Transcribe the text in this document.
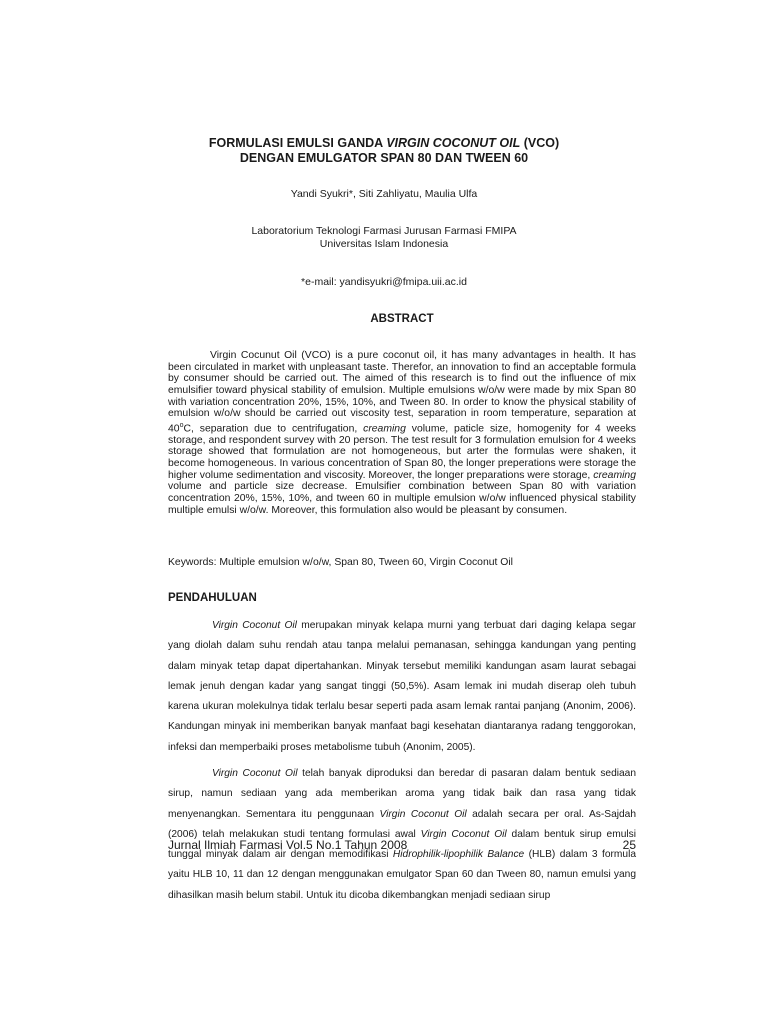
FORMULASI EMULSI GANDA VIRGIN COCONUT OIL (VCO)
DENGAN EMULGATOR SPAN 80 DAN TWEEN 60
Yandi Syukri*, Siti Zahliyatu, Maulia Ulfa
Laboratorium Teknologi Farmasi Jurusan Farmasi FMIPA
Universitas Islam Indonesia
*e-mail: yandisyukri@fmipa.uii.ac.id
ABSTRACT

Virgin Cocunut Oil (VCO) is a pure coconut oil, it has many advantages in health. It has been circulated in market with unpleasant taste. Therefor, an innovation to find an acceptable formula by consumer should be carried out. The aimed of this research is to find out the influence of mix emulsifier toward physical stability of emulsion. Multiple emulsions w/o/w were made by mix Span 80 with variation concentration 20%, 15%, 10%, and Tween 80. In order to know the physical stability of emulsion w/o/w should be carried out viscosity test, separation in room temperature, separation at 40$^o$C, separation due to centrifugation, creaming volume, paticle size, homogenity for 4 weeks storage, and respondent survey with 20 person. The test result for 3 formulation emulsion for 4 weeks storage showed that formulation are not homogeneous, but arter the formulas were shaken, it become homogeneous. In various concentration of Span 80, the longer preperations were storage the higher volume sedimentation and viscosity. Moreover, the longer preparations were storage, creaming volume and particle size decrease. Emulsifier combination between Span 80 with variation concentration 20%, 15%, 10%, and tween 60 in multiple emulsion w/o/w influenced physical stability multiple emulsi w/o/w. Moreover, this formulation also would be pleasant by consumen.

Keywords: Multiple emulsion w/o/w, Span 80, Tween 60, Virgin Coconut Oil

PENDAHULUAN

Virgin Coconut Oil merupakan minyak kelapa murni yang terbuat dari daging kelapa segar yang diolah dalam suhu rendah atau tanpa melalui pemanasan, sehingga kandungan yang penting dalam minyak tetap dapat dipertahankan. Minyak tersebut memiliki kandungan asam laurat sebagai lemak jenuh dengan kadar yang sangat tinggi (50,5%). Asam lemak ini mudah diserap oleh tubuh karena ukuran molekulnya tidak terlalu besar seperti pada asam lemak rantai panjang (Anonim, 2006). Kandungan minyak ini memberikan banyak manfaat bagi kesehatan diantaranya radang tenggorokan, infeksi dan memperbaiki proses metabolisme tubuh (Anonim, 2005).

Virgin Coconut Oil telah banyak diproduksi dan beredar di pasaran dalam bentuk sediaan sirup, namun sediaan yang ada memberikan aroma yang tidak baik dan rasa yang tidak menyenangkan. Sementara itu penggunaan Virgin Coconut Oil adalah secara per oral. As-Sajdah (2006) telah melakukan studi tentang formulasi awal Virgin Coconut Oil dalam bentuk sirup emulsi tunggal minyak dalam air dengan memodifikasi Hidrophilik-lipophilik Balance (HLB) dalam 3 formula yaitu HLB 10, 11 dan 12 dengan menggunakan emulgator Span 60 dan Tween 80, namun emulsi yang dihasilkan masih belum stabil. Untuk itu dicoba dikembangkan menjadi sediaan sirup

Jurnal Ilmiah Farmasi Vol.5 No.1 Tahun 2008	25
